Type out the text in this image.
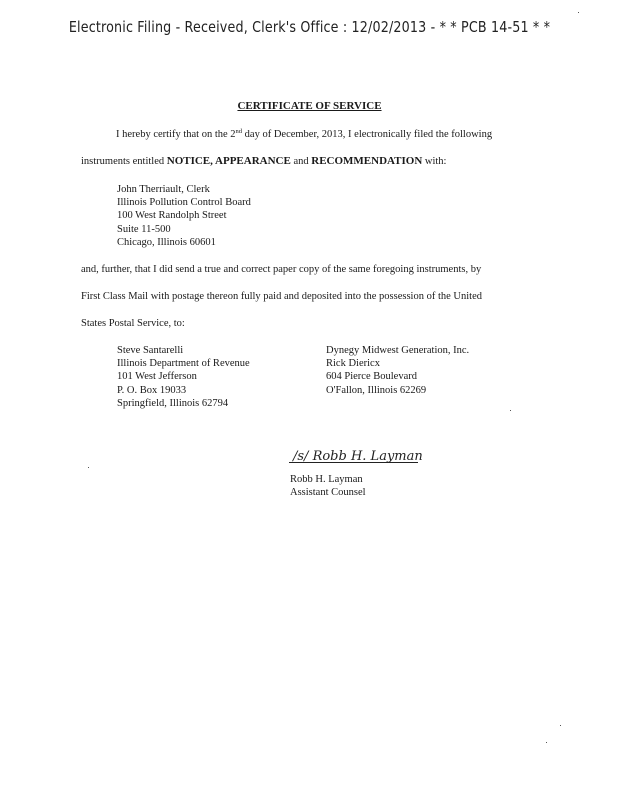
Electronic Filing - Received, Clerk's Office : 12/02/2013 - * * PCB 14-51 * *
CERTIFICATE OF SERVICE
I hereby certify that on the 2nd day of December, 2013, I electronically filed the following
instruments entitled NOTICE, APPEARANCE and RECOMMENDATION with:
John Therriault, Clerk
Illinois Pollution Control Board
100 West Randolph Street
Suite 11-500
Chicago, Illinois 60601
and, further, that I did send a true and correct paper copy of the same foregoing instruments, by
First Class Mail with postage thereon fully paid and deposited into the possession of the United
States Postal Service, to:
Steve Santarelli
Illinois Department of Revenue
101 West Jefferson
P. O. Box 19033
Springfield, Illinois 62794
Dynegy Midwest Generation, Inc.
Rick Diericx
604 Pierce Boulevard
O'Fallon, Illinois 62269
/s/ Robb H. Layman
Robb H. Layman
Assistant Counsel
